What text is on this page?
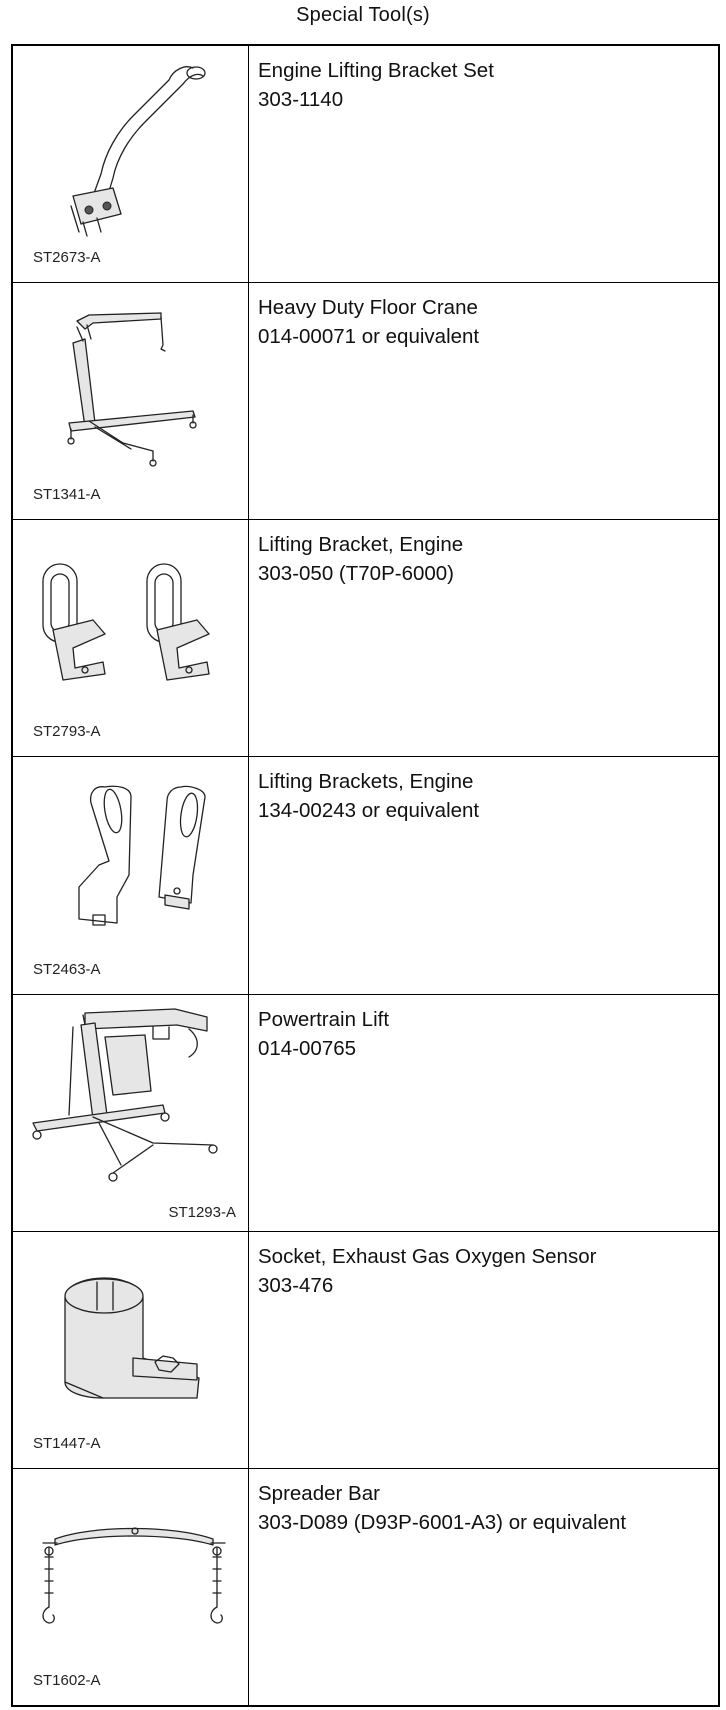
Special Tool(s)
ST2673-A
Engine Lifting Bracket Set
303-1140
ST1341-A
Heavy Duty Floor Crane
014-00071 or equivalent
ST2793-A
Lifting Bracket, Engine
303-050 (T70P-6000)
ST2463-A
Lifting Brackets, Engine
134-00243 or equivalent
ST1293-A
Powertrain Lift
014-00765
ST1447-A
Socket, Exhaust Gas Oxygen Sensor
303-476
ST1602-A
Spreader Bar
303-D089 (D93P-6001-A3) or equivalent
